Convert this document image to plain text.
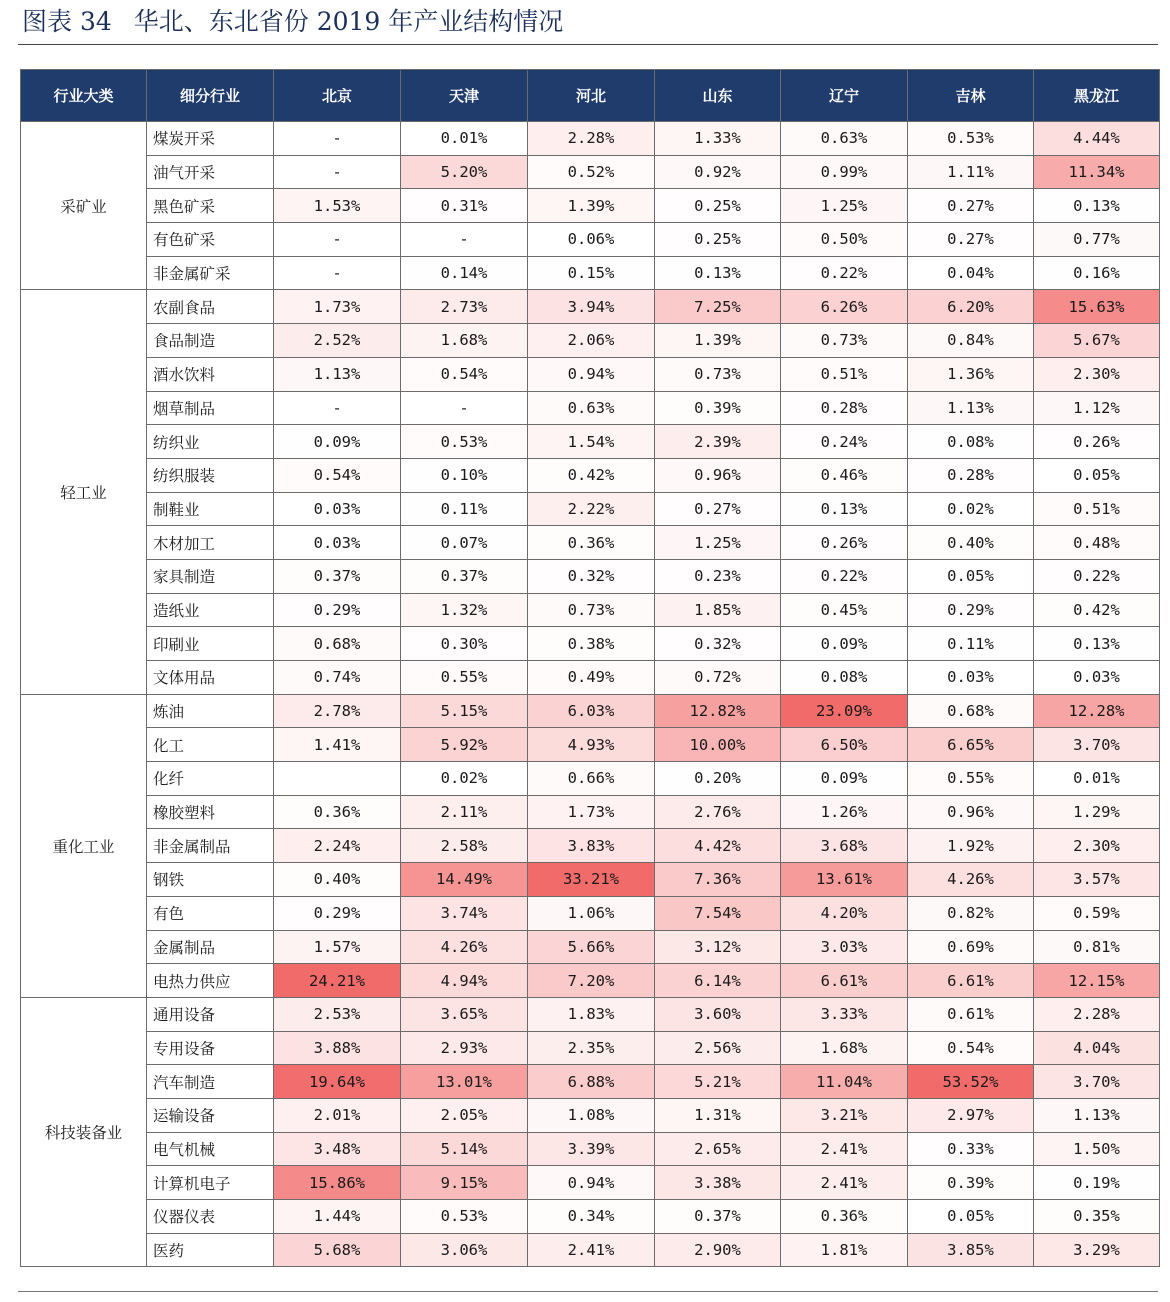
图表 34 华北、东北省份 2019 年产业结构情况
行业大类	细分行业	北京	天津	河北	山东	辽宁	吉林	黑龙江
采矿业	煤炭开采	-	0.01%	2.28%	1.33%	0.63%	0.53%	4.44%
	油气开采	-	5.20%	0.52%	0.92%	0.99%	1.11%	11.34%
	黑色矿采	1.53%	0.31%	1.39%	0.25%	1.25%	0.27%	0.13%
	有色矿采	-	-	0.06%	0.25%	0.50%	0.27%	0.77%
	非金属矿采	-	0.14%	0.15%	0.13%	0.22%	0.04%	0.16%
轻工业	农副食品	1.73%	2.73%	3.94%	7.25%	6.26%	6.20%	15.63%
	食品制造	2.52%	1.68%	2.06%	1.39%	0.73%	0.84%	5.67%
	酒水饮料	1.13%	0.54%	0.94%	0.73%	0.51%	1.36%	2.30%
	烟草制品	-	-	0.63%	0.39%	0.28%	1.13%	1.12%
	纺织业	0.09%	0.53%	1.54%	2.39%	0.24%	0.08%	0.26%
	纺织服装	0.54%	0.10%	0.42%	0.96%	0.46%	0.28%	0.05%
	制鞋业	0.03%	0.11%	2.22%	0.27%	0.13%	0.02%	0.51%
	木材加工	0.03%	0.07%	0.36%	1.25%	0.26%	0.40%	0.48%
	家具制造	0.37%	0.37%	0.32%	0.23%	0.22%	0.05%	0.22%
	造纸业	0.29%	1.32%	0.73%	1.85%	0.45%	0.29%	0.42%
	印刷业	0.68%	0.30%	0.38%	0.32%	0.09%	0.11%	0.13%
	文体用品	0.74%	0.55%	0.49%	0.72%	0.08%	0.03%	0.03%
重化工业	炼油	2.78%	5.15%	6.03%	12.82%	23.09%	0.68%	12.28%
	化工	1.41%	5.92%	4.93%	10.00%	6.50%	6.65%	3.70%
	化纤		0.02%	0.66%	0.20%	0.09%	0.55%	0.01%
	橡胶塑料	0.36%	2.11%	1.73%	2.76%	1.26%	0.96%	1.29%
	非金属制品	2.24%	2.58%	3.83%	4.42%	3.68%	1.92%	2.30%
	钢铁	0.40%	14.49%	33.21%	7.36%	13.61%	4.26%	3.57%
	有色	0.29%	3.74%	1.06%	7.54%	4.20%	0.82%	0.59%
	金属制品	1.57%	4.26%	5.66%	3.12%	3.03%	0.69%	0.81%
	电热力供应	24.21%	4.94%	7.20%	6.14%	6.61%	6.61%	12.15%
科技装备业	通用设备	2.53%	3.65%	1.83%	3.60%	3.33%	0.61%	2.28%
	专用设备	3.88%	2.93%	2.35%	2.56%	1.68%	0.54%	4.04%
	汽车制造	19.64%	13.01%	6.88%	5.21%	11.04%	53.52%	3.70%
	运输设备	2.01%	2.05%	1.08%	1.31%	3.21%	2.97%	1.13%
	电气机械	3.48%	5.14%	3.39%	2.65%	2.41%	0.33%	1.50%
	计算机电子	15.86%	9.15%	0.94%	3.38%	2.41%	0.39%	0.19%
	仪器仪表	1.44%	0.53%	0.34%	0.37%	0.36%	0.05%	0.35%
	医药	5.68%	3.06%	2.41%	2.90%	1.81%	3.85%	3.29%
